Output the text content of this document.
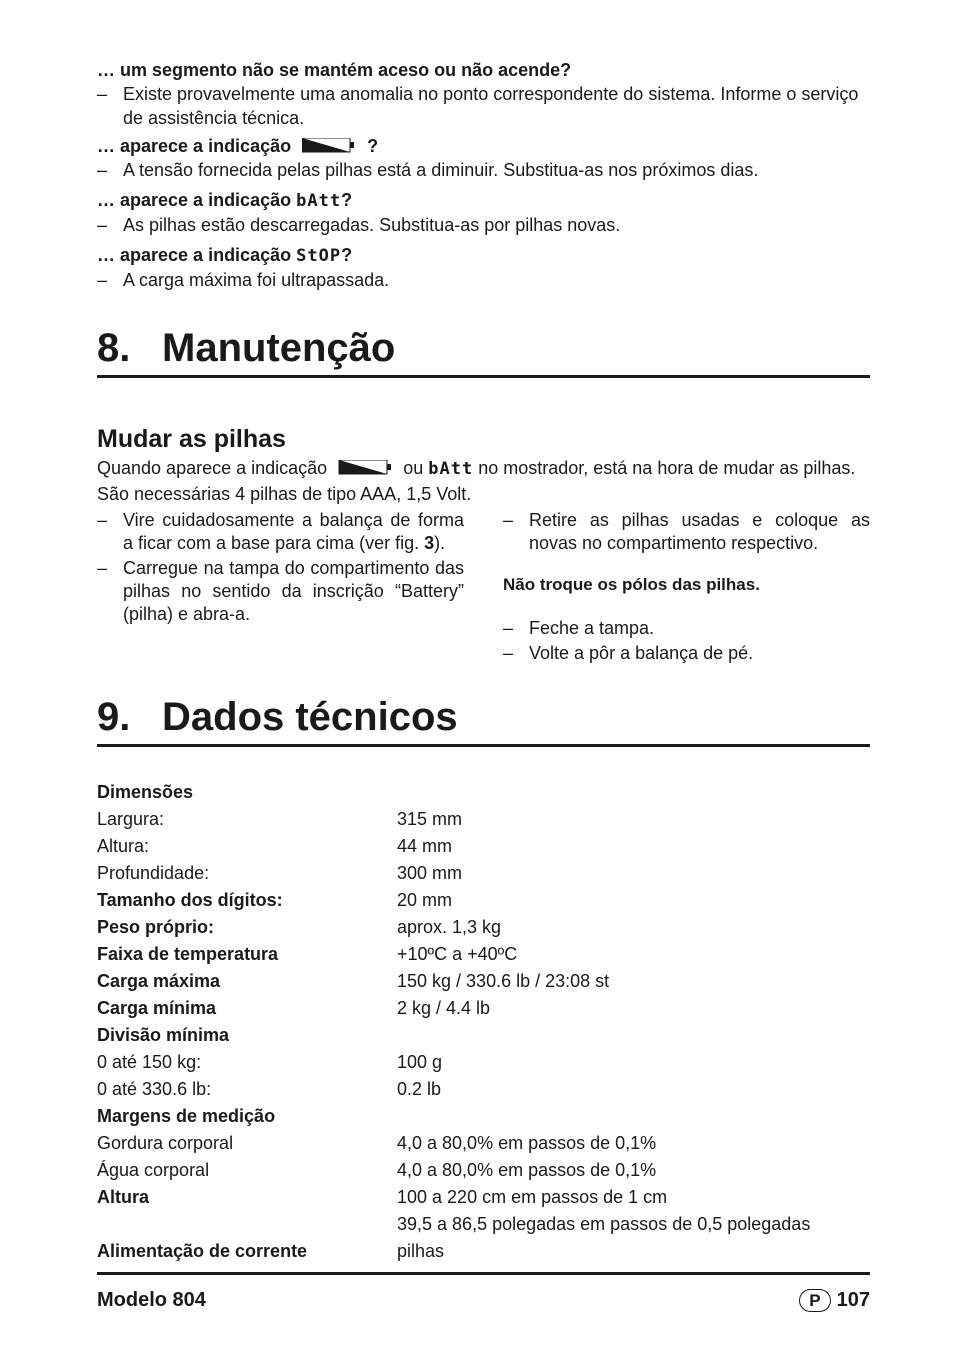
… um segmento não se mantém aceso ou não acende?

– Existe provavelmente uma anomalia no ponto correspondente do sistema. Informe o serviço de assistência técnica.

… aparece a indicação	?

– A tensão fornecida pelas pilhas está a diminuir. Substitua-as nos próximos dias.

… aparece a indicação bAtt?

– As pilhas estão descarregadas. Substitua-as por pilhas novas.

… aparece a indicação StOP?

– A carga máxima foi ultrapassada.

8. Manutenção
Mudar as pilhas

Quando aparece a indicação	ou bAtt no mostrador, está na hora de mudar as pilhas. São necessárias 4 pilhas de tipo AAA, 1,5 Volt.

– Vire cuidadosamente a balança de forma a ficar com a base para cima (ver fig. 3).
– Carregue na tampa do compartimento das pilhas no sentido da inscrição “Battery” (pilha) e abra-a.
– Retire as pilhas usadas e coloque as novas no compartimento respectivo.

Não troque os pólos das pilhas.

– Feche a tampa.
– Volte a pôr a balança de pé.
9. Dados técnicos
Dimensões
Largura:	315 mm
Altura:	44 mm
Profundidade:	300 mm
Tamanho dos dígitos:	20 mm
Peso próprio:	aprox. 1,3 kg
Faixa de temperatura	+10ºC a +40ºC
Carga máxima	150 kg / 330.6 lb / 23:08 st
Carga mínima	2 kg / 4.4 lb
Divisão mínima
0 até 150 kg:	100 g
0 até 330.6 lb:	0.2 lb
Margens de medição
Gordura corporal	4,0 a 80,0% em passos de 0,1%
Água corporal	4,0 a 80,0% em passos de 0,1%
Altura	100 a 220 cm em passos de 1 cm
39,5 a 86,5 polegadas em passos de 0,5 polegadas
Alimentação de corrente	pilhas
Modelo 804	P 107
